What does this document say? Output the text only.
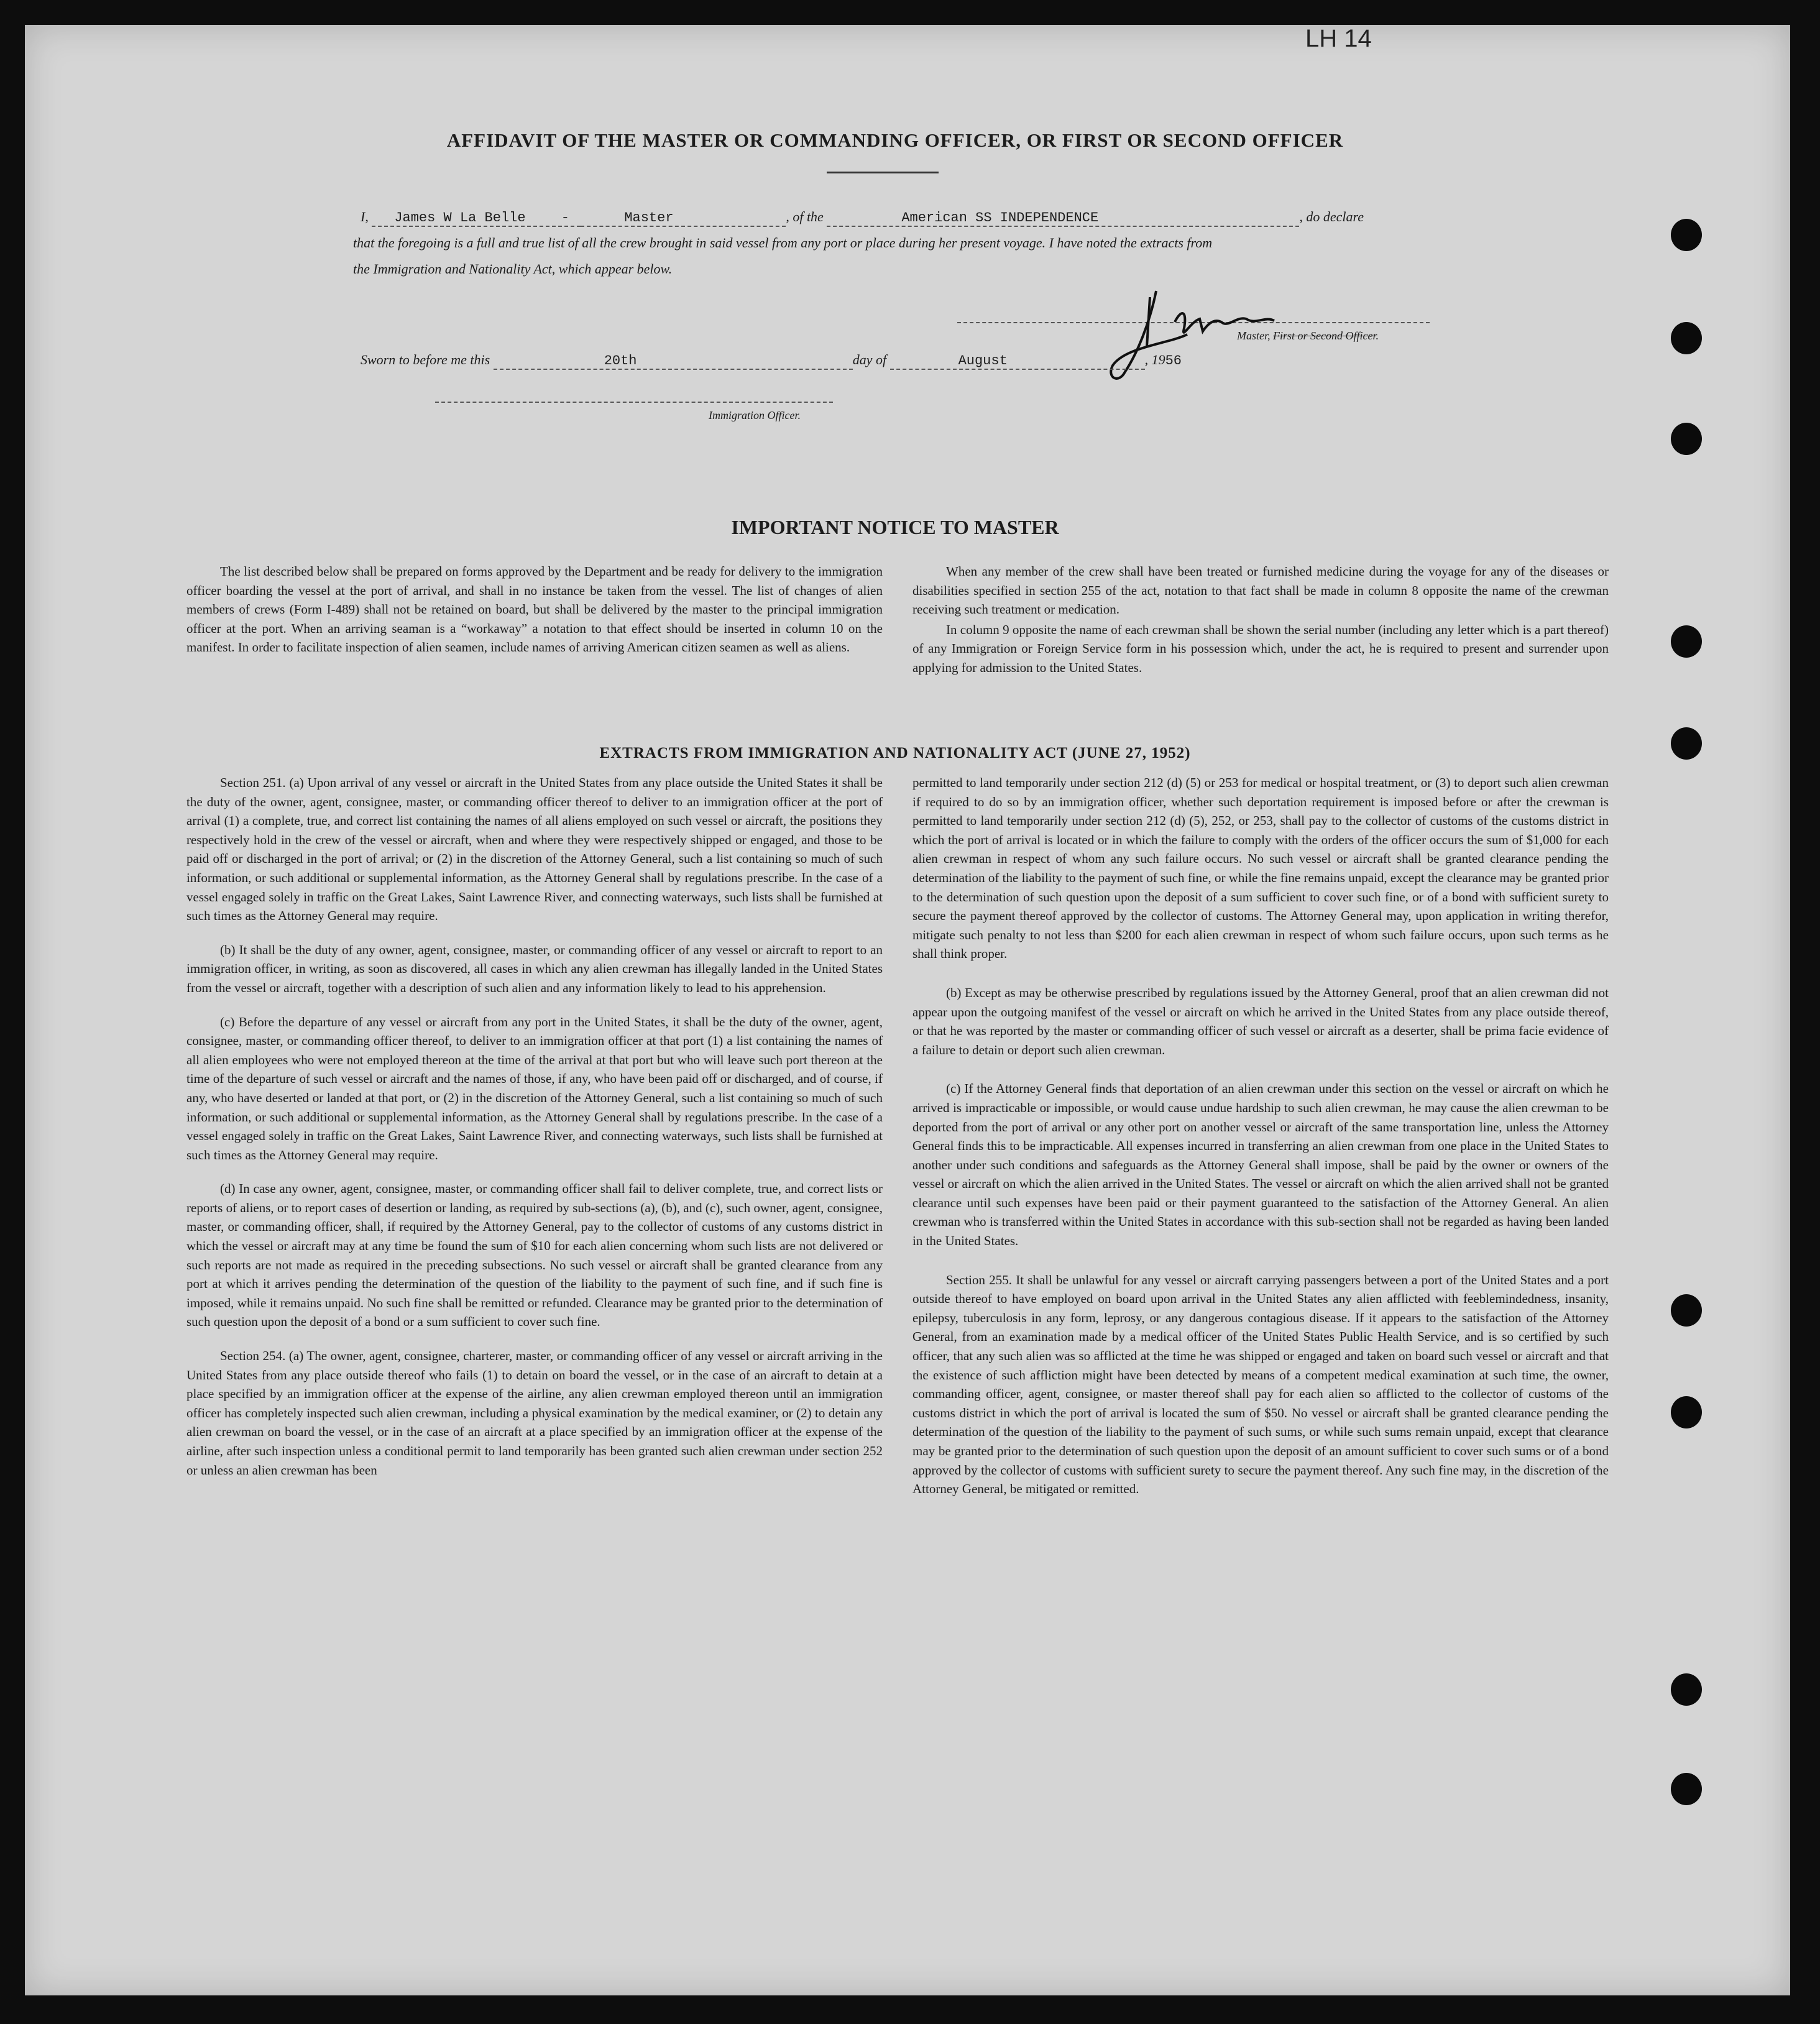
LH 14
AFFIDAVIT OF THE MASTER OR COMMANDING OFFICER, OR FIRST OR SECOND OFFICER
I, James W La Belle	-	Master	, of the	American SS INDEPENDENCE	, do declare
that the foregoing is a full and true list of all the crew brought in said vessel from any port or place during her present voyage. I have noted the extracts from
the Immigration and Nationality Act, which appear below.
Master, First or Second Officer.
Sworn to before me this	20th	day of	August	, 1956
Immigration Officer.
IMPORTANT NOTICE TO MASTER

The list described below shall be prepared on forms approved by the Department and be ready for delivery to the immigration officer boarding the vessel at the port of arrival, and shall in no instance be taken from the vessel. The list of changes of alien members of crews (Form I-489) shall not be retained on board, but shall be delivered by the master to the principal immigration officer at the port. When an arriving seaman is a “workaway” a notation to that effect should be inserted in column 10 on the manifest. In order to facilitate inspection of alien seamen, include names of arriving American citizen seamen as well as aliens.

When any member of the crew shall have been treated or furnished medicine during the voyage for any of the diseases or disabilities specified in section 255 of the act, notation to that fact shall be made in column 8 opposite the name of the crewman receiving such treatment or medication.

In column 9 opposite the name of each crewman shall be shown the serial number (including any letter which is a part thereof) of any Immigration or Foreign Service form in his possession which, under the act, he is required to present and surrender upon applying for admission to the United States.

EXTRACTS FROM IMMIGRATION AND NATIONALITY ACT (JUNE 27, 1952)

Section 251. (a) Upon arrival of any vessel or aircraft in the United States from any place outside the United States it shall be the duty of the owner, agent, consignee, master, or commanding officer thereof to deliver to an immigration officer at the port of arrival (1) a complete, true, and correct list containing the names of all aliens employed on such vessel or aircraft, the positions they respectively hold in the crew of the vessel or aircraft, when and where they were respectively shipped or engaged, and those to be paid off or discharged in the port of arrival; or (2) in the discretion of the Attorney General, such a list containing so much of such information, or such additional or supplemental information, as the Attorney General shall by regulations prescribe. In the case of a vessel engaged solely in traffic on the Great Lakes, Saint Lawrence River, and connecting waterways, such lists shall be furnished at such times as the Attorney General may require.

(b) It shall be the duty of any owner, agent, consignee, master, or commanding officer of any vessel or aircraft to report to an immigration officer, in writing, as soon as discovered, all cases in which any alien crewman has illegally landed in the United States from the vessel or aircraft, together with a description of such alien and any information likely to lead to his apprehension.

(c) Before the departure of any vessel or aircraft from any port in the United States, it shall be the duty of the owner, agent, consignee, master, or commanding officer thereof, to deliver to an immigration officer at that port (1) a list containing the names of all alien employees who were not employed thereon at the time of the arrival at that port but who will leave such port thereon at the time of the departure of such vessel or aircraft and the names of those, if any, who have been paid off or discharged, and of course, if any, who have deserted or landed at that port, or (2) in the discretion of the Attorney General, such a list containing so much of such information, or such additional or supplemental information, as the Attorney General shall by regulations prescribe. In the case of a vessel engaged solely in traffic on the Great Lakes, Saint Lawrence River, and connecting waterways, such lists shall be furnished at such times as the Attorney General may require.

(d) In case any owner, agent, consignee, master, or commanding officer shall fail to deliver complete, true, and correct lists or reports of aliens, or to report cases of desertion or landing, as required by sub-sections (a), (b), and (c), such owner, agent, consignee, master, or commanding officer, shall, if required by the Attorney General, pay to the collector of customs of any customs district in which the vessel or aircraft may at any time be found the sum of $10 for each alien concerning whom such lists are not delivered or such reports are not made as required in the preceding subsections. No such vessel or aircraft shall be granted clearance from any port at which it arrives pending the determination of the question of the liability to the payment of such fine, and if such fine is imposed, while it remains unpaid. No such fine shall be remitted or refunded. Clearance may be granted prior to the determination of such question upon the deposit of a bond or a sum sufficient to cover such fine.

Section 254. (a) The owner, agent, consignee, charterer, master, or commanding officer of any vessel or aircraft arriving in the United States from any place outside thereof who fails (1) to detain on board the vessel, or in the case of an aircraft to detain at a place specified by an immigration officer at the expense of the airline, any alien crewman employed thereon until an immigration officer has completely inspected such alien crewman, including a physical examination by the medical examiner, or (2) to detain any alien crewman on board the vessel, or in the case of an aircraft at a place specified by an immigration officer at the expense of the airline, after such inspection unless a conditional permit to land temporarily has been granted such alien crewman under section 252 or unless an alien crewman has been

permitted to land temporarily under section 212 (d) (5) or 253 for medical or hospital treatment, or (3) to deport such alien crewman if required to do so by an immigration officer, whether such deportation requirement is imposed before or after the crewman is permitted to land temporarily under section 212 (d) (5), 252, or 253, shall pay to the collector of customs of the customs district in which the port of arrival is located or in which the failure to comply with the orders of the officer occurs the sum of $1,000 for each alien crewman in respect of whom any such failure occurs. No such vessel or aircraft shall be granted clearance pending the determination of the liability to the payment of such fine, or while the fine remains unpaid, except the clearance may be granted prior to the determination of such question upon the deposit of a sum sufficient to cover such fine, or of a bond with sufficient surety to secure the payment thereof approved by the collector of customs. The Attorney General may, upon application in writing therefor, mitigate such penalty to not less than $200 for each alien crewman in respect of whom such failure occurs, upon such terms as he shall think proper.

(b) Except as may be otherwise prescribed by regulations issued by the Attorney General, proof that an alien crewman did not appear upon the outgoing manifest of the vessel or aircraft on which he arrived in the United States from any place outside thereof, or that he was reported by the master or commanding officer of such vessel or aircraft as a deserter, shall be prima facie evidence of a failure to detain or deport such alien crewman.

(c) If the Attorney General finds that deportation of an alien crewman under this section on the vessel or aircraft on which he arrived is impracticable or impossible, or would cause undue hardship to such alien crewman, he may cause the alien crewman to be deported from the port of arrival or any other port on another vessel or aircraft of the same transportation line, unless the Attorney General finds this to be impracticable. All expenses incurred in transferring an alien crewman from one place in the United States to another under such conditions and safeguards as the Attorney General shall impose, shall be paid by the owner or owners of the vessel or aircraft on which the alien arrived in the United States. The vessel or aircraft on which the alien arrived shall not be granted clearance until such expenses have been paid or their payment guaranteed to the satisfaction of the Attorney General. An alien crewman who is transferred within the United States in accordance with this sub-section shall not be regarded as having been landed in the United States.

Section 255. It shall be unlawful for any vessel or aircraft carrying passengers between a port of the United States and a port outside thereof to have employed on board upon arrival in the United States any alien afflicted with feeblemindedness, insanity, epilepsy, tuberculosis in any form, leprosy, or any dangerous contagious disease. If it appears to the satisfaction of the Attorney General, from an examination made by a medical officer of the United States Public Health Service, and is so certified by such officer, that any such alien was so afflicted at the time he was shipped or engaged and taken on board such vessel or aircraft and that the existence of such affliction might have been detected by means of a competent medical examination at such time, the owner, commanding officer, agent, consignee, or master thereof shall pay for each alien so afflicted to the collector of customs of the customs district in which the port of arrival is located the sum of $50. No vessel or aircraft shall be granted clearance pending the determination of the question of the liability to the payment of such sums, or while such sums remain unpaid, except that clearance may be granted prior to the determination of such question upon the deposit of an amount sufficient to cover such sums or of a bond approved by the collector of customs with sufficient surety to secure the payment thereof. Any such fine may, in the discretion of the Attorney General, be mitigated or remitted.
